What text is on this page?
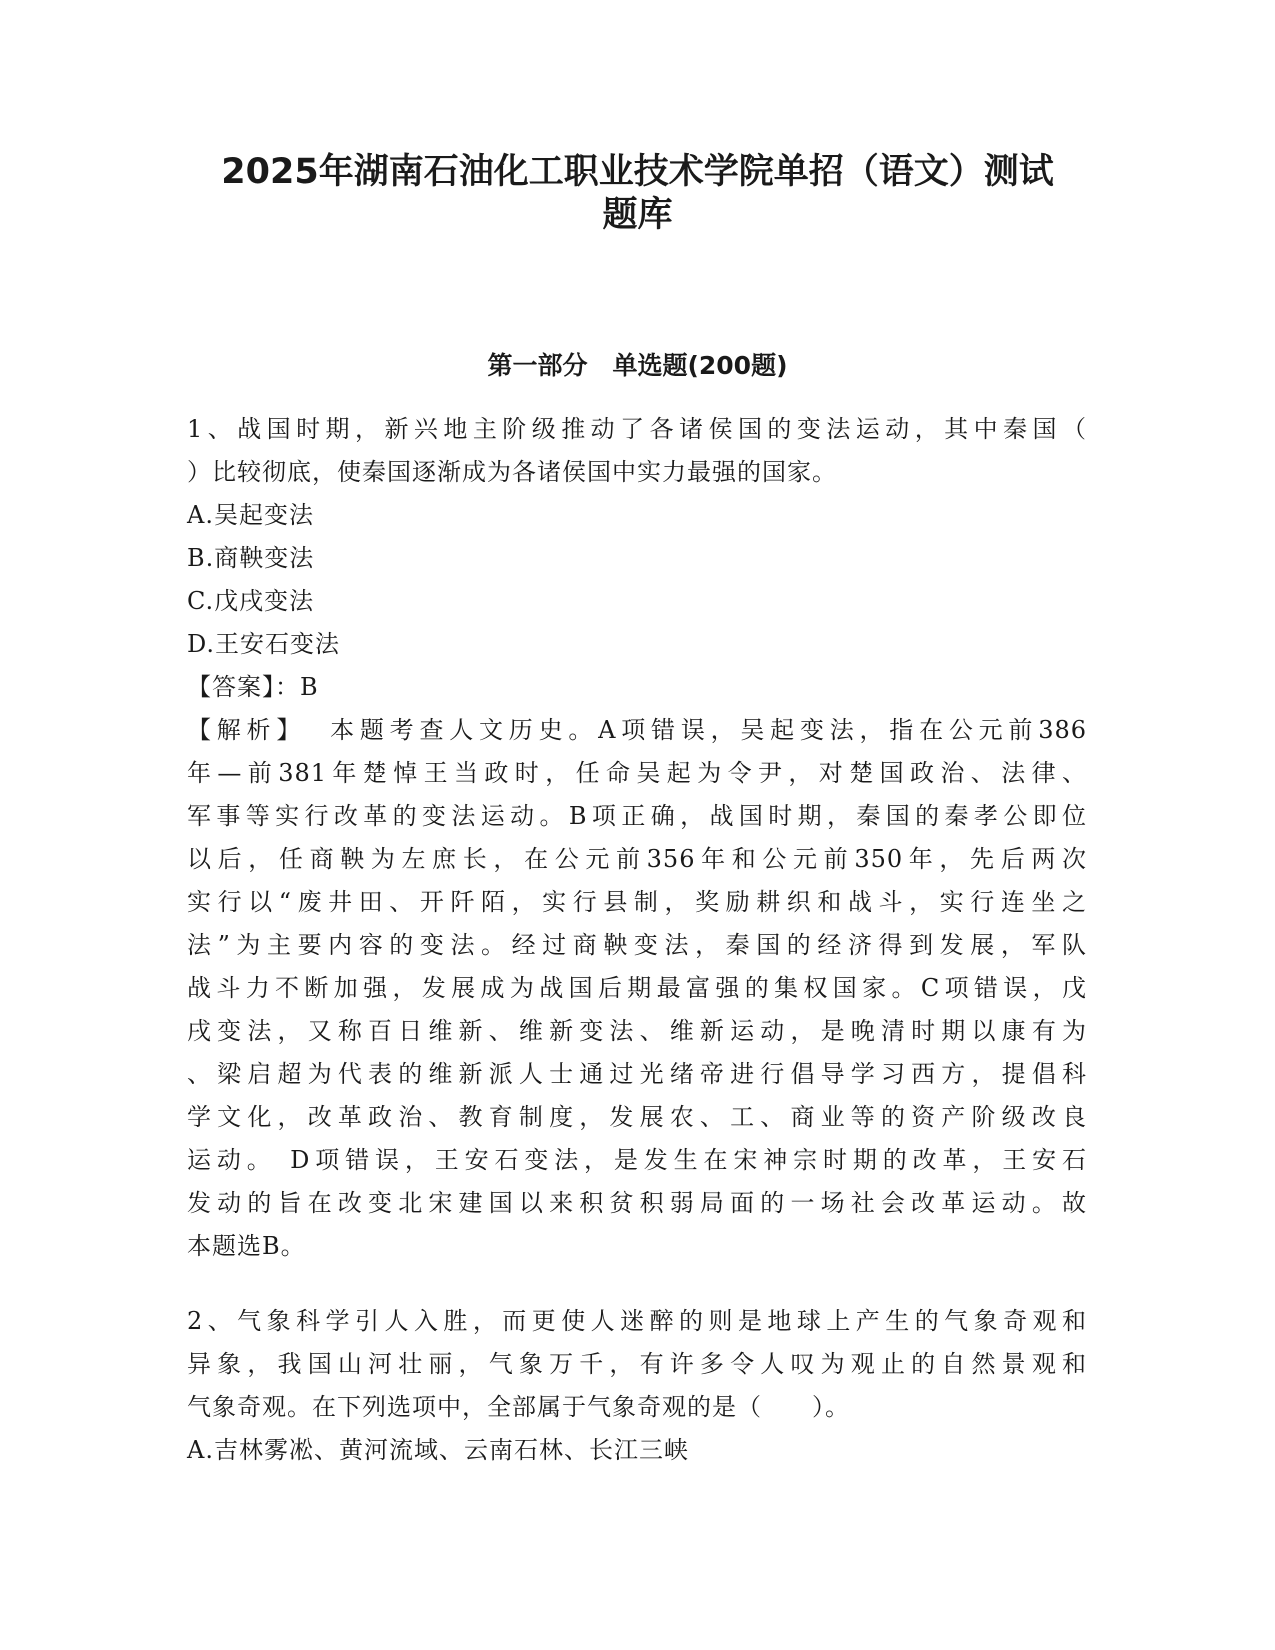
2025年湖南石油化工职业技术学院单招（语文）测试
题库
第一部分　单选题(200题)
1、战国时期，新兴地主阶级推动了各诸侯国的变法运动，其中秦国（
）比较彻底，使秦国逐渐成为各诸侯国中实力最强的国家。
A.吴起变法
B.商鞅变法
C.戊戌变法
D.王安石变法
【答案】：B
【解析】 本题考查人文历史。A项错误，吴起变法，指在公元前386
年—前381年楚悼王当政时，任命吴起为令尹，对楚国政治、法律、
军事等实行改革的变法运动。B项正确，战国时期，秦国的秦孝公即位
以后，任商鞅为左庶长，在公元前356年和公元前350年，先后两次
实行以“废井田、开阡陌，实行县制，奖励耕织和战斗，实行连坐之
法”为主要内容的变法。经过商鞅变法，秦国的经济得到发展，军队
战斗力不断加强，发展成为战国后期最富强的集权国家。C项错误，戊
戌变法，又称百日维新、维新变法、维新运动，是晚清时期以康有为
、梁启超为代表的维新派人士通过光绪帝进行倡导学习西方，提倡科
学文化，改革政治、教育制度，发展农、工、商业等的资产阶级改良
运动。 D项错误，王安石变法，是发生在宋神宗时期的改革，王安石
发动的旨在改变北宋建国以来积贫积弱局面的一场社会改革运动。故
本题选B。
2、气象科学引人入胜，而更使人迷醉的则是地球上产生的气象奇观和
异象，我国山河壮丽，气象万千，有许多令人叹为观止的自然景观和
气象奇观。在下列选项中，全部属于气象奇观的是（　　）。
A.吉林雾凇、黄河流域、云南石林、长江三峡
